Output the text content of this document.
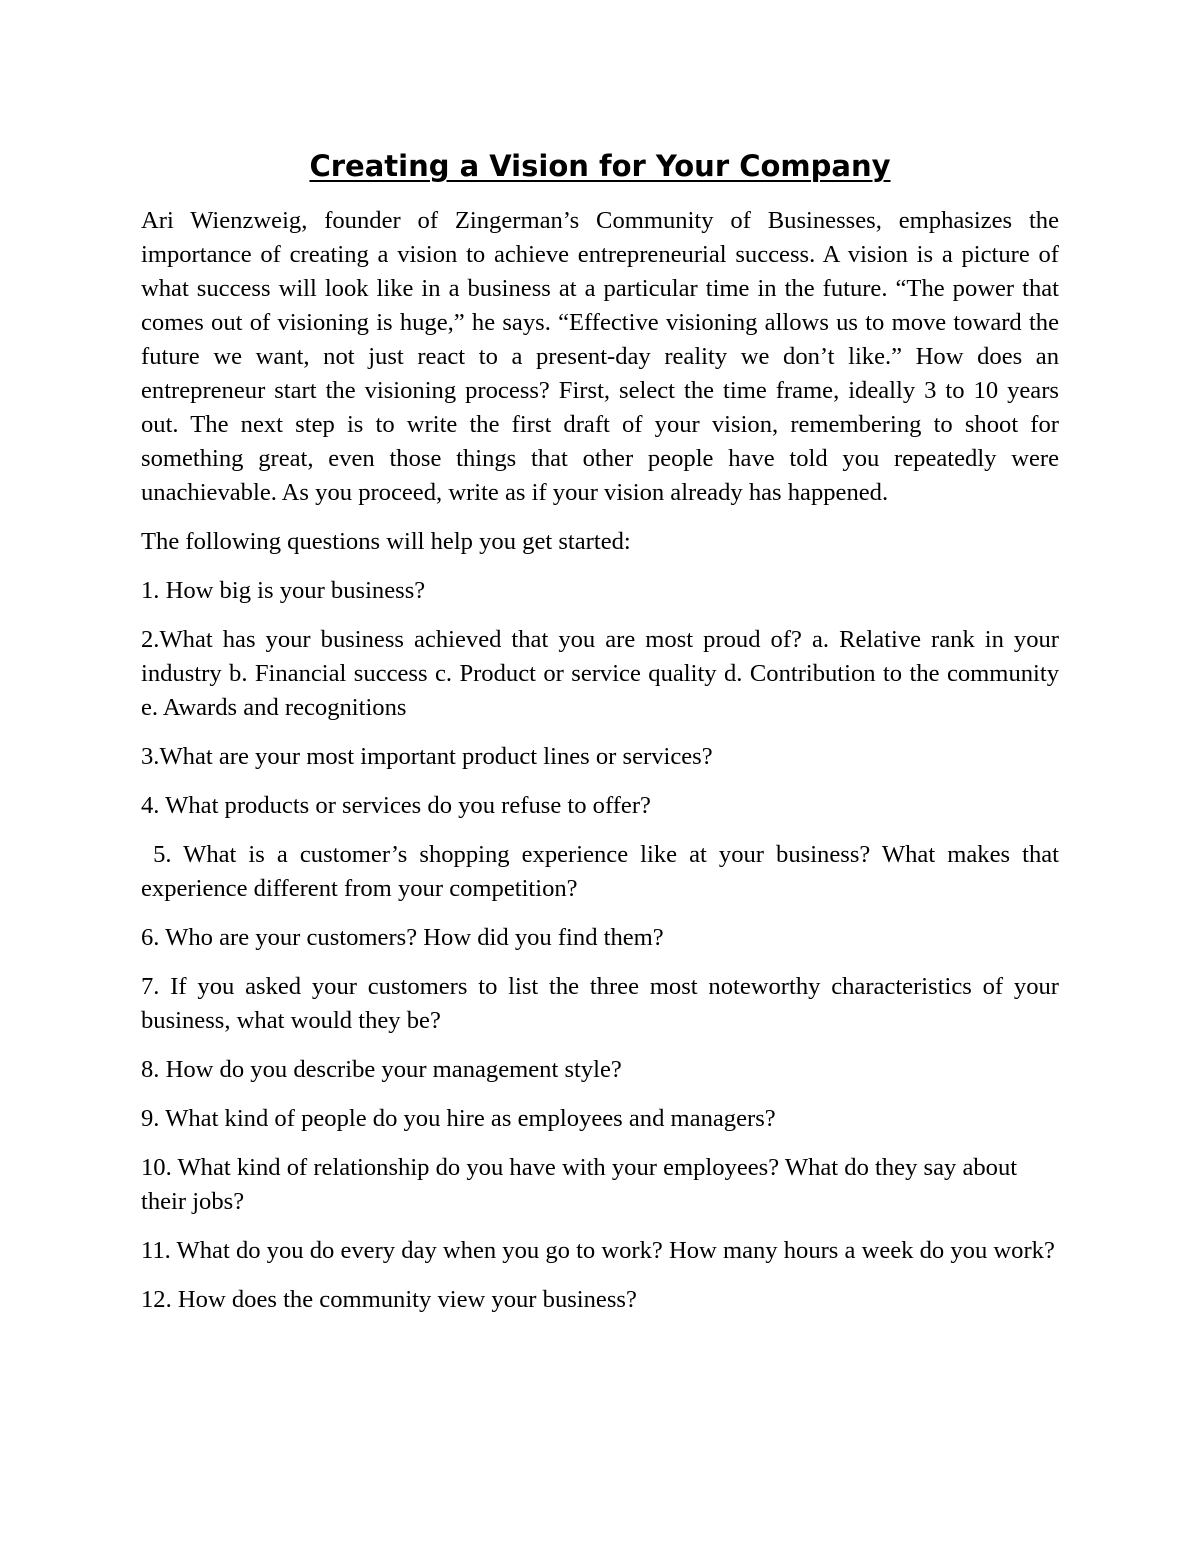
Creating a Vision for Your Company

Ari Wienzweig, founder of Zingerman’s Community of Businesses, emphasizes the importance of creating a vision to achieve entrepreneurial success. A vision is a picture of what success will look like in a business at a particular time in the future. “The power that comes out of visioning is huge,” he says. “Effective visioning allows us to move toward the future we want, not just react to a present-day reality we don’t like.” How does an entrepreneur start the visioning process? First, select the time frame, ideally 3 to 10 years out. The next step is to write the first draft of your vision, remembering to shoot for something great, even those things that other people have told you repeatedly were unachievable. As you proceed, write as if your vision already has happened.

The following questions will help you get started:

1. How big is your business?

2.What has your business achieved that you are most proud of? a. Relative rank in your industry b. Financial success c. Product or service quality d. Contribution to the community e. Awards and recognitions

3.What are your most important product lines or services?

4. What products or services do you refuse to offer?

5. What is a customer’s shopping experience like at your business? What makes that experience different from your competition?

6. Who are your customers? How did you find them?

7. If you asked your customers to list the three most noteworthy characteristics of your business, what would they be?

8. How do you describe your management style?

9. What kind of people do you hire as employees and managers?

10. What kind of relationship do you have with your employees? What do they say about their jobs?

11. What do you do every day when you go to work? How many hours a week do you work?

12. How does the community view your business?
